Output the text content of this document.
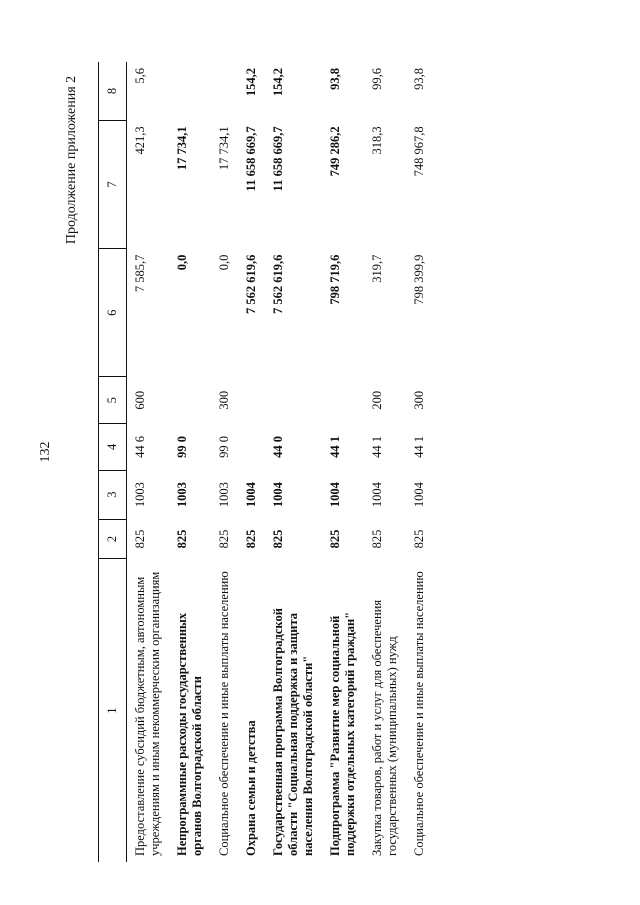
132
Продолжение приложения 2
1	2	3	4	5	6	7	8
Предоставление субсидий бюджетным, автономным учреждениям и иным некоммерческим организациям	825	1003	44 6	600	7 585,7	421,3	5,6
Непрограммные расходы государственных органов Волгоградской области	825	1003	99 0		0,0	17 734,1	
Социальное обеспечение и иные выплаты населению	825	1003	99 0	300	0,0	17 734,1	
Охрана семьи и детства	825	1004			7 562 619,6	11 658 669,7	154,2
Государственная программа Волгоградской области "Социальная поддержка и защита населения Волгоградской области"	825	1004	44 0		7 562 619,6	11 658 669,7	154,2
Подпрограмма "Развитие мер социальной поддержки отдельных категорий граждан"	825	1004	44 1		798 719,6	749 286,2	93,8
Закупка товаров, работ и услуг для обеспечения государственных (муниципальных) нужд	825	1004	44 1	200	319,7	318,3	99,6
Социальное обеспечение и иные выплаты населению	825	1004	44 1	300	798 399,9	748 967,8	93,8
